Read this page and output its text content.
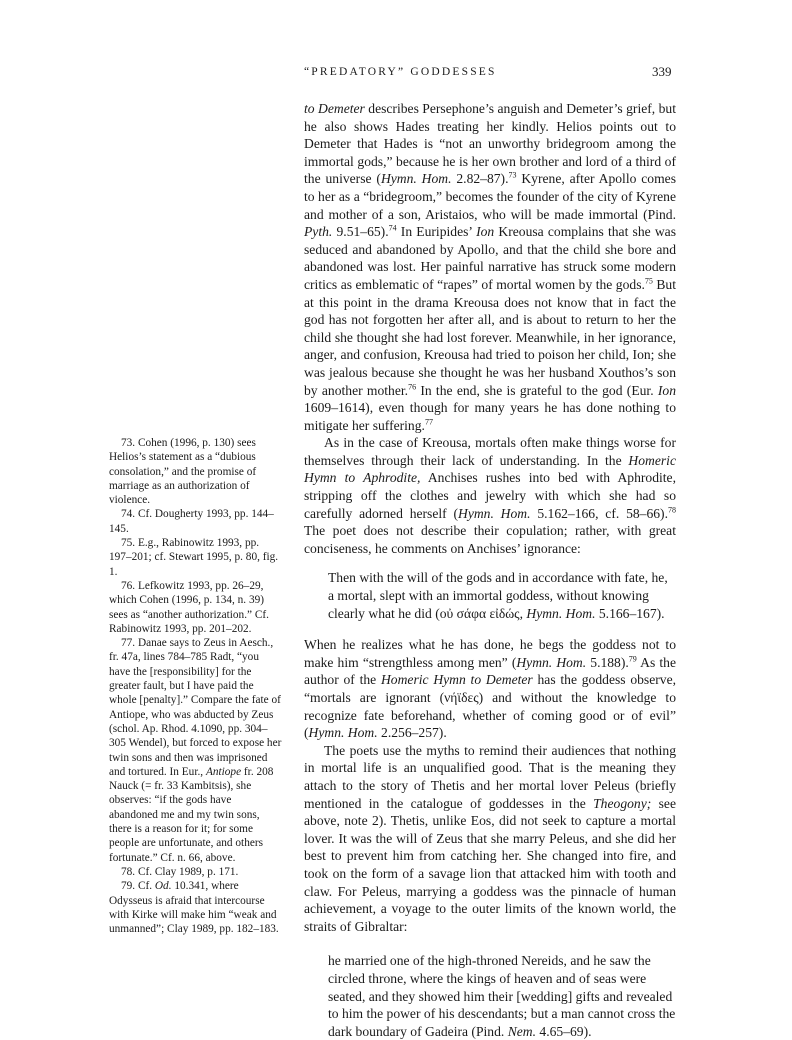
“PREDATORY” GODDESSES	339

to Demeter describes Persephone’s anguish and Demeter’s grief, but he also shows Hades treating her kindly. Helios points out to Demeter that Hades is “not an unworthy bridegroom among the immortal gods,” because he is her own brother and lord of a third of the universe (Hymn. Hom. 2.82–87).$^{73}$ Kyrene, after Apollo comes to her as a “bridegroom,” becomes the founder of the city of Kyrene and mother of a son, Aristaios, who will be made immortal (Pind. Pyth. 9.51–65).$^{74}$ In Euripides’ Ion Kreousa complains that she was seduced and abandoned by Apollo, and that the child she bore and abandoned was lost. Her painful narrative has struck some modern critics as emblematic of “rapes” of mortal women by the gods.$^{75}$ But at this point in the drama Kreousa does not know that in fact the god has not forgotten her after all, and is about to return to her the child she thought she had lost forever. Meanwhile, in her ignorance, anger, and confusion, Kreousa had tried to poison her child, Ion; she was jealous because she thought he was her husband Xouthos’s son by another mother.$^{76}$ In the end, she is grateful to the god (Eur. Ion 1609–1614), even though for many years he has done nothing to mitigate her suffering.$^{77}$

As in the case of Kreousa, mortals often make things worse for themselves through their lack of understanding. In the Homeric Hymn to Aphrodite, Anchises rushes into bed with Aphrodite, stripping off the clothes and jewelry with which she had so carefully adorned herself (Hymn. Hom. 5.162–166, cf. 58–66).$^{78}$ The poet does not describe their copulation; rather, with great conciseness, he comments on Anchises’ ignorance:

Then with the will of the gods and in accordance with fate, he, a mortal, slept with an immortal goddess, without knowing clearly what he did (οὐ σάφα εἰδώς, Hymn. Hom. 5.166–167).

When he realizes what he has done, he begs the goddess not to make him “strengthless among men” (Hymn. Hom. 5.188).$^{79}$ As the author of the Homeric Hymn to Demeter has the goddess observe, “mortals are ignorant (νήϊδες) and without the knowledge to recognize fate beforehand, whether of coming good or of evil” (Hymn. Hom. 2.256–257).

The poets use the myths to remind their audiences that nothing in mortal life is an unqualified good. That is the meaning they attach to the story of Thetis and her mortal lover Peleus (briefly mentioned in the catalogue of goddesses in the Theogony; see above, note 2). Thetis, unlike Eos, did not seek to capture a mortal lover. It was the will of Zeus that she marry Peleus, and she did her best to prevent him from catching her. She changed into fire, and took on the form of a savage lion that attacked him with tooth and claw. For Peleus, marrying a goddess was the pinnacle of human achievement, a voyage to the outer limits of the known world, the straits of Gibraltar:

he married one of the high-throned Nereids, and he saw the circled throne, where the kings of heaven and of seas were seated, and they showed him their [wedding] gifts and revealed to him the power of his descendants; but a man cannot cross the dark boundary of Gadeira (Pind. Nem. 4.65–69).

73. Cohen (1996, p. 130) sees Helios’s statement as a “dubious consolation,” and the promise of marriage as an authorization of violence.

74. Cf. Dougherty 1993, pp. 144–145.

75. E.g., Rabinowitz 1993, pp. 197–201; cf. Stewart 1995, p. 80, fig. 1.

76. Lefkowitz 1993, pp. 26–29, which Cohen (1996, p. 134, n. 39) sees as “another authorization.” Cf. Rabinowitz 1993, pp. 201–202.

77. Danae says to Zeus in Aesch., fr. 47a, lines 784–785 Radt, “you have the [responsibility] for the greater fault, but I have paid the whole [penalty].” Compare the fate of Antiope, who was abducted by Zeus (schol. Ap. Rhod. 4.1090, pp. 304–305 Wendel), but forced to expose her twin sons and then was imprisoned and tortured. In Eur., Antiope fr. 208 Nauck (= fr. 33 Kambitsis), she observes: “if the gods have abandoned me and my twin sons, there is a reason for it; for some people are unfortunate, and others fortunate.” Cf. n. 66, above.

78. Cf. Clay 1989, p. 171.

79. Cf. Od. 10.341, where Odysseus is afraid that intercourse with Kirke will make him “weak and unmanned”; Clay 1989, pp. 182–183.
